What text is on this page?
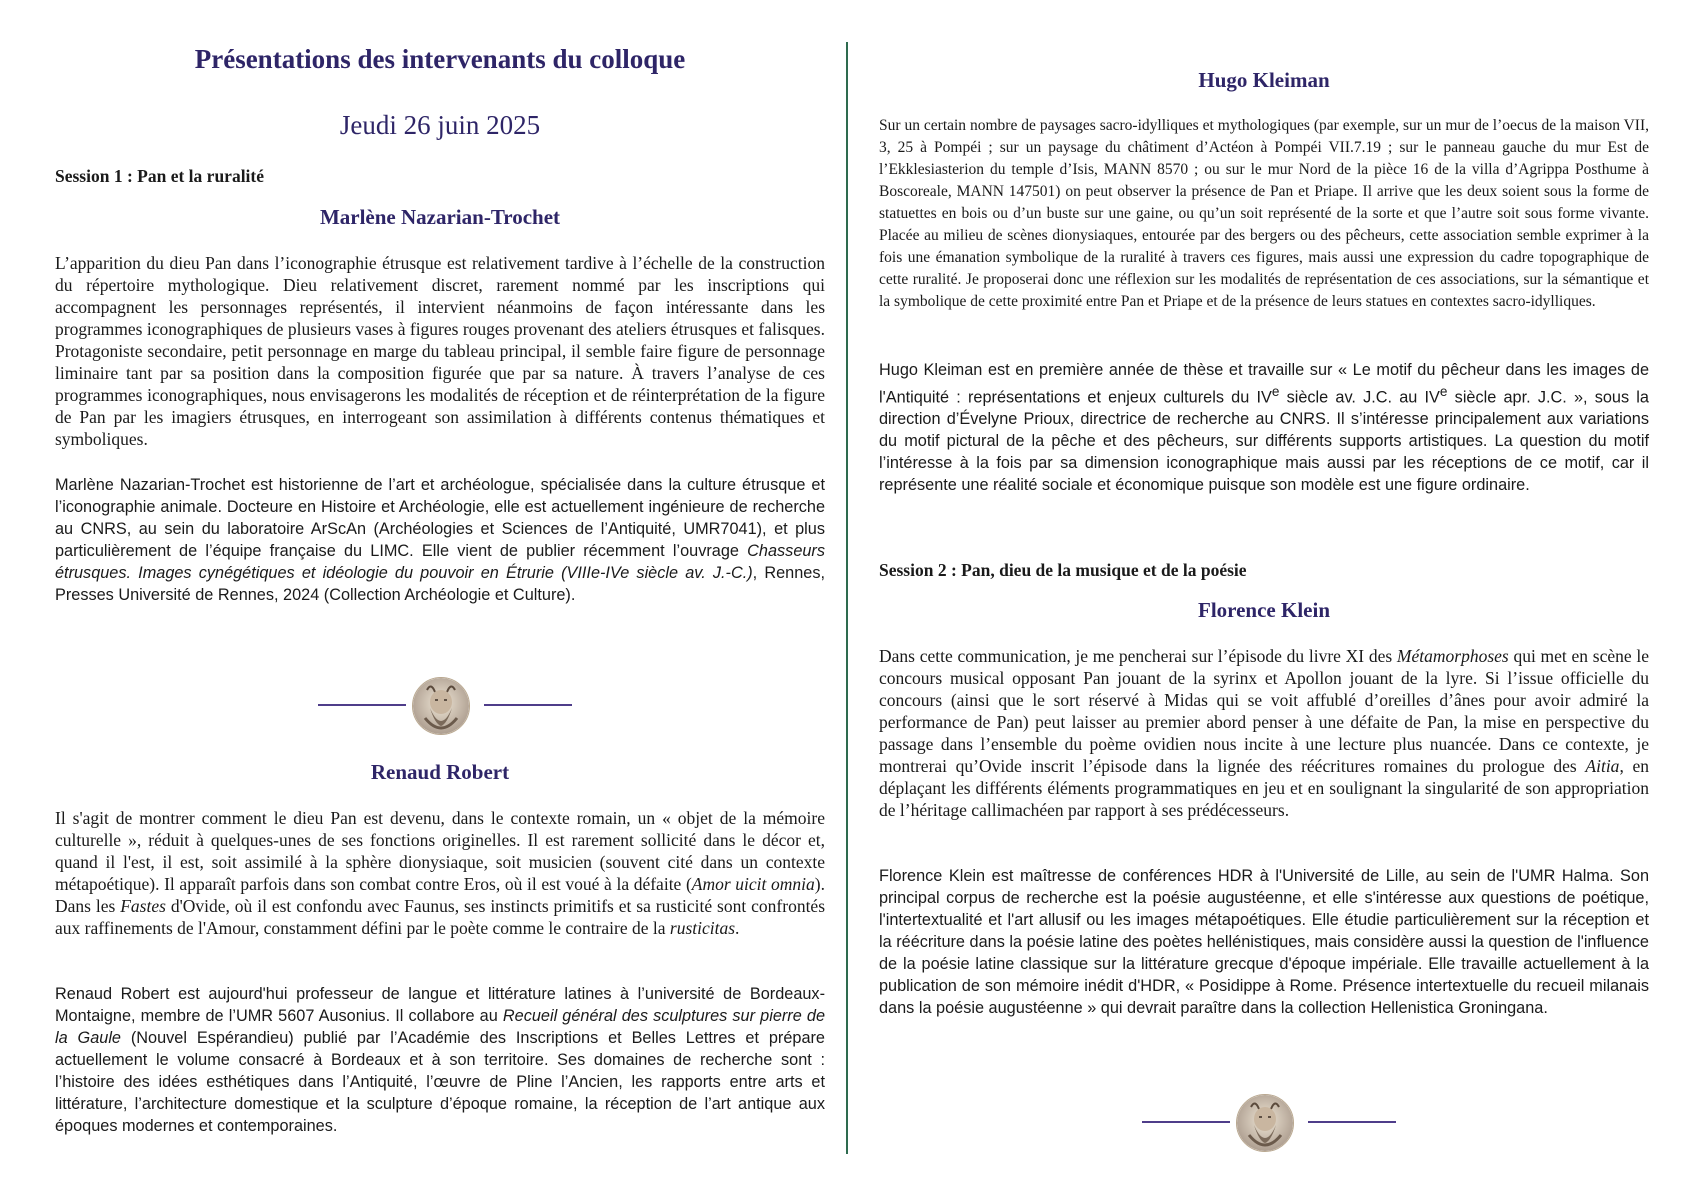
Présentations des intervenants du colloque
Jeudi 26 juin 2025
Session 1 : Pan et la ruralité
Marlène Nazarian-Trochet

L’apparition du dieu Pan dans l’iconographie étrusque est relativement tardive à l’échelle de la construction du répertoire mythologique. Dieu relativement discret, rarement nommé par les inscriptions qui accompagnent les personnages représentés, il intervient néanmoins de façon intéressante dans les programmes iconographiques de plusieurs vases à figures rouges provenant des ateliers étrusques et falisques. Protagoniste secondaire, petit personnage en marge du tableau principal, il semble faire figure de personnage liminaire tant par sa position dans la composition figurée que par sa nature. À travers l’analyse de ces programmes iconographiques, nous envisagerons les modalités de réception et de réinterprétation de la figure de Pan par les imagiers étrusques, en interrogeant son assimilation à différents contenus thématiques et symboliques.

Marlène Nazarian-Trochet est historienne de l’art et archéologue, spécialisée dans la culture étrusque et l’iconographie animale. Docteure en Histoire et Archéologie, elle est actuellement ingénieure de recherche au CNRS, au sein du laboratoire ArScAn (Archéologies et Sciences de l’Antiquité, UMR7041), et plus particulièrement de l’équipe française du LIMC. Elle vient de publier récemment l’ouvrage Chasseurs étrusques. Images cynégétiques et idéologie du pouvoir en Étrurie (VIIIe-IVe siècle av. J.-C.), Rennes, Presses Université de Rennes, 2024 (Collection Archéologie et Culture).

Renaud Robert

Il s'agit de montrer comment le dieu Pan est devenu, dans le contexte romain, un « objet de la mémoire culturelle », réduit à quelques-unes de ses fonctions originelles. Il est rarement sollicité dans le décor et, quand il l'est, il est, soit assimilé à la sphère dionysiaque, soit musicien (souvent cité dans un contexte métapoétique). Il apparaît parfois dans son combat contre Eros, où il est voué à la défaite (Amor uicit omnia). Dans les Fastes d'Ovide, où il est confondu avec Faunus, ses instincts primitifs et sa rusticité sont confrontés aux raffinements de l'Amour, constamment défini par le poète comme le contraire de la rusticitas.

Renaud Robert est aujourd'hui professeur de langue et littérature latines à l’université de Bordeaux-Montaigne, membre de l’UMR 5607 Ausonius. Il collabore au Recueil général des sculptures sur pierre de la Gaule (Nouvel Espérandieu) publié par l’Académie des Inscriptions et Belles Lettres et prépare actuellement le volume consacré à Bordeaux et à son territoire. Ses domaines de recherche sont : l’histoire des idées esthétiques dans l’Antiquité, l’œuvre de Pline l’Ancien, les rapports entre arts et littérature, l’architecture domestique et la sculpture d’époque romaine, la réception de l’art antique aux époques modernes et contemporaines.

Hugo Kleiman

Sur un certain nombre de paysages sacro-idylliques et mythologiques (par exemple, sur un mur de l’oecus de la maison VII, 3, 25 à Pompéi ; sur un paysage du châtiment d’Actéon à Pompéi VII.7.19 ; sur le panneau gauche du mur Est de l’Ekklesiasterion du temple d’Isis, MANN 8570 ; ou sur le mur Nord de la pièce 16 de la villa d’Agrippa Posthume à Boscoreale, MANN 147501) on peut observer la présence de Pan et Priape. Il arrive que les deux soient sous la forme de statuettes en bois ou d’un buste sur une gaine, ou qu’un soit représenté de la sorte et que l’autre soit sous forme vivante. Placée au milieu de scènes dionysiaques, entourée par des bergers ou des pêcheurs, cette association semble exprimer à la fois une émanation symbolique de la ruralité à travers ces figures, mais aussi une expression du cadre topographique de cette ruralité. Je proposerai donc une réflexion sur les modalités de représentation de ces associations, sur la sémantique et la symbolique de cette proximité entre Pan et Priape et de la présence de leurs statues en contextes sacro-idylliques.

Hugo Kleiman est en première année de thèse et travaille sur « Le motif du pêcheur dans les images de l'Antiquité : représentations et enjeux culturels du IVe siècle av. J.C. au IVe siècle apr. J.C. », sous la direction d’Évelyne Prioux, directrice de recherche au CNRS. Il s’intéresse principalement aux variations du motif pictural de la pêche et des pêcheurs, sur différents supports artistiques. La question du motif l’intéresse à la fois par sa dimension iconographique mais aussi par les réceptions de ce motif, car il représente une réalité sociale et économique puisque son modèle est une figure ordinaire.

Session 2 : Pan, dieu de la musique et de la poésie
Florence Klein

Dans cette communication, je me pencherai sur l’épisode du livre XI des Métamorphoses qui met en scène le concours musical opposant Pan jouant de la syrinx et Apollon jouant de la lyre. Si l’issue officielle du concours (ainsi que le sort réservé à Midas qui se voit affublé d’oreilles d’ânes pour avoir admiré la performance de Pan) peut laisser au premier abord penser à une défaite de Pan, la mise en perspective du passage dans l’ensemble du poème ovidien nous incite à une lecture plus nuancée. Dans ce contexte, je montrerai qu’Ovide inscrit l’épisode dans la lignée des réécritures romaines du prologue des Aitia, en déplaçant les différents éléments programmatiques en jeu et en soulignant la singularité de son appropriation de l’héritage callimachéen par rapport à ses prédécesseurs.

Florence Klein est maîtresse de conférences HDR à l'Université de Lille, au sein de l'UMR Halma. Son principal corpus de recherche est la poésie augustéenne, et elle s'intéresse aux questions de poétique, l'intertextualité et l'art allusif ou les images métapoétiques. Elle étudie particulièrement sur la réception et la réécriture dans la poésie latine des poètes hellénistiques, mais considère aussi la question de l'influence de la poésie latine classique sur la littérature grecque d'époque impériale. Elle travaille actuellement à la publication de son mémoire inédit d'HDR, « Posidippe à Rome. Présence intertextuelle du recueil milanais dans la poésie augustéenne » qui devrait paraître dans la collection Hellenistica Groningana.
